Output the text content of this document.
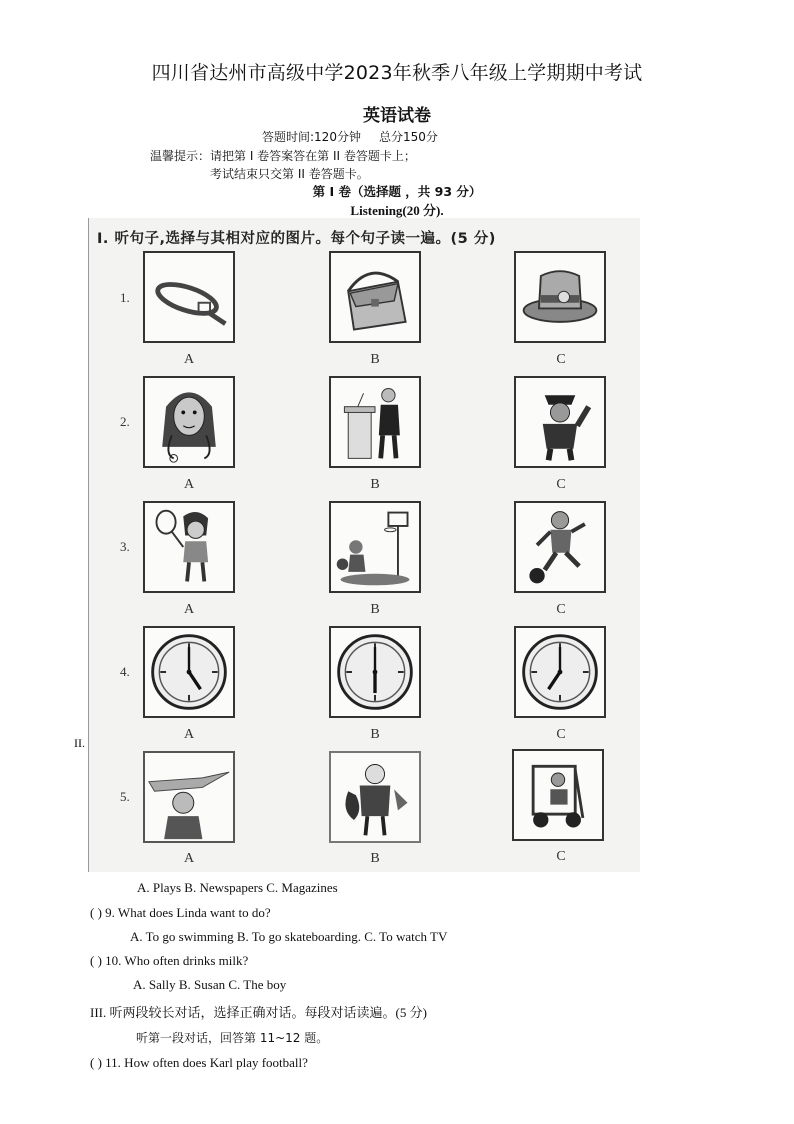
四川省达州市高级中学2023年秋季八年级上学期期中考试
英语试卷
答题时间:120分钟 总分150分
温馨提示：请把第 I 卷答案答在第 II 卷答题卡上；
考试结束只交第 II 卷答题卡。
第 I 卷（选择题 ，共 93 分）
Listening(20 分).
Ⅰ. 听句子,选择与其相对应的图片。每个句子读一遍。(5 分)
1.
A	B	C
2.
A	B	C
3.
A	B	C
4.
A	B	C
5.
A	B	C
II.
A. Plays B. Newspapers C. Magazines
( ) 9. What does Linda want to do?
A. To go swimming B. To go skateboarding. C. To watch TV
( ) 10. Who often drinks milk?
A. Sally B. Susan C. The boy
III. 听两段较长对话，选择正确对话。每段对话读遍。(5 分)
听第一段对话，回答第 11~12 题。
( ) 11. How often does Karl play football?
